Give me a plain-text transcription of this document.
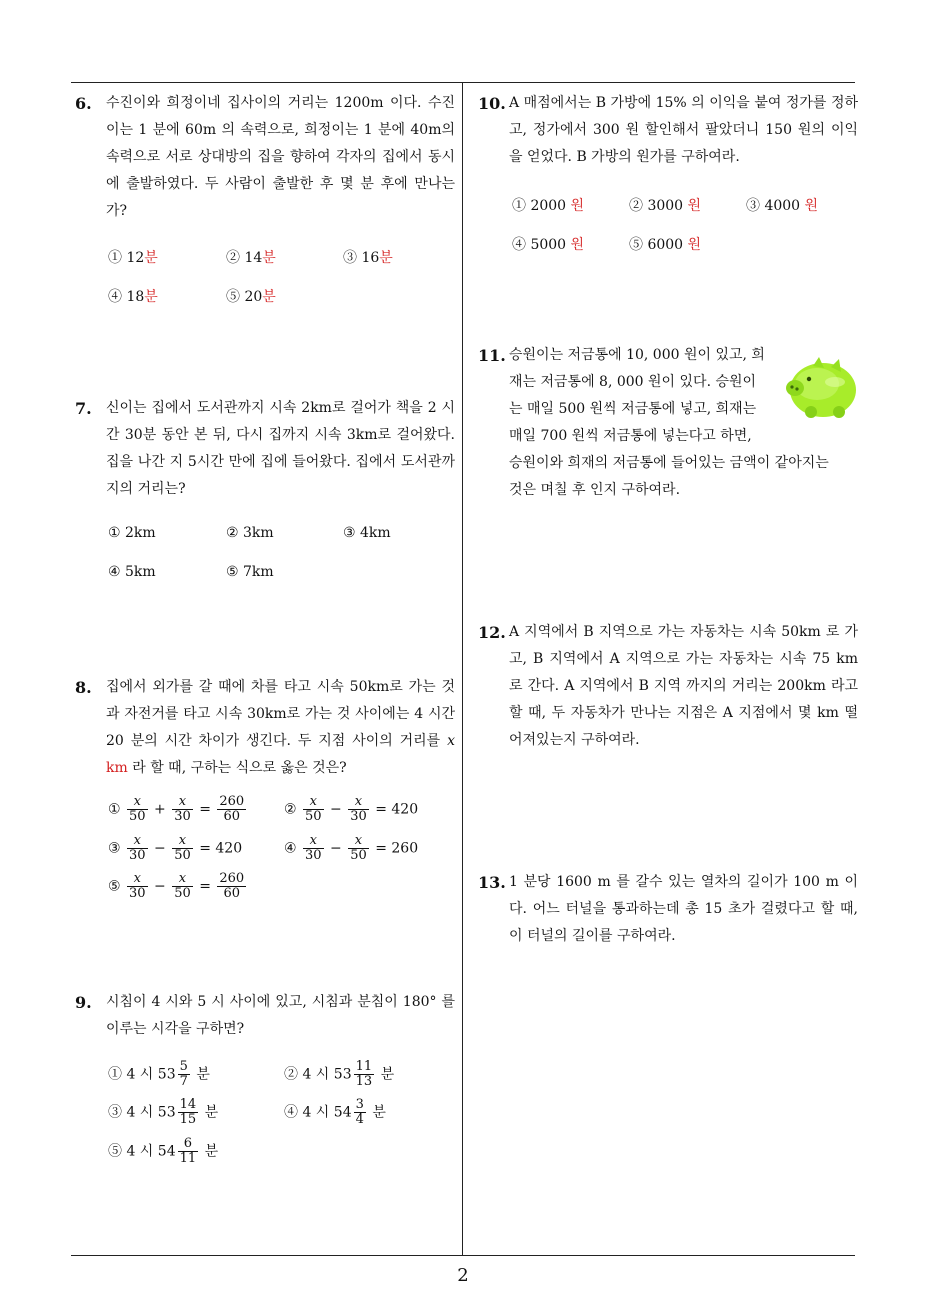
6. 수진이와 희정이네 집사이의 거리는 1200m 이다. 수진이는 1 분에 60m 의 속력으로, 희정이는 1 분에 40m의 속력으로 서로 상대방의 집을 향하여 각자의 집에서 동시에 출발하였다. 두 사람이 출발한 후 몇 분 후에 만나는가?
① 12분	② 14분	③ 16분
④ 18분	⑤ 20분
7. 신이는 집에서 도서관까지 시속 2km로 걸어가 책을 2 시간 30분 동안 본 뒤, 다시 집까지 시속 3km로 걸어왔다. 집을 나간 지 5시간 만에 집에 들어왔다. 집에서 도서관까지의 거리는?
① 2km	② 3km	③ 4km
④ 5km	⑤ 7km
8. 집에서 외가를 갈 때에 차를 타고 시속 50km로 가는 것과 자전거를 타고 시속 30km로 가는 것 사이에는 4 시간 20 분의 시간 차이가 생긴다. 두 지점 사이의 거리를 x km 라 할 때, 구하는 식으로 옳은 것은?
① $\frac{x}{50} + \frac{x}{30} = \frac{260}{60}$	② $\frac{x}{50} - \frac{x}{30} = 420$
③ $\frac{x}{30} - \frac{x}{50} = 420$	④ $\frac{x}{30} - \frac{x}{50} = 260$
⑤ $\frac{x}{30} - \frac{x}{50} = \frac{260}{60}$
9. 시침이 4 시와 5 시 사이에 있고, 시침과 분침이 180° 를 이루는 시각을 구하면?
① 4 시 $53 \frac{5}{7}$ 분	② 4 시 $53 \frac{11}{13}$ 분
③ 4 시 $53 \frac{14}{15}$ 분	④ 4 시 $54 \frac{3}{4}$ 분
⑤ 4 시 $54 \frac{6}{11}$ 분
10. A 매점에서는 B 가방에 15% 의 이익을 붙여 정가를 정하고, 정가에서 300 원 할인해서 팔았더니 150 원의 이익을 얻었다. B 가방의 원가를 구하여라.
① 2000 원	② 3000 원	③ 4000 원
④ 5000 원	⑤ 6000 원
11. 승원이는 저금통에 10, 000 원이 있고, 희
재는 저금통에 8, 000 원이 있다. 승원이
는 매일 500 원씩 저금통에 넣고, 희재는
매일 700 원씩 저금통에 넣는다고 하면,
승원이와 희재의 저금통에 들어있는 금액이 같아지는
것은 며칠 후 인지 구하여라.
12. A 지역에서 B 지역으로 가는 자동차는 시속 50km 로 가고, B 지역에서 A 지역으로 가는 자동차는 시속 75 km 로 간다. A 지역에서 B 지역 까지의 거리는 200km 라고 할 때, 두 자동차가 만나는 지점은 A 지점에서 몇 km 떨어져있는지 구하여라.
13. 1 분당 1600 m 를 갈수 있는 열차의 길이가 100 m 이다. 어느 터널을 통과하는데 총 15 초가 걸렸다고 할 때, 이 터널의 길이를 구하여라.
2
